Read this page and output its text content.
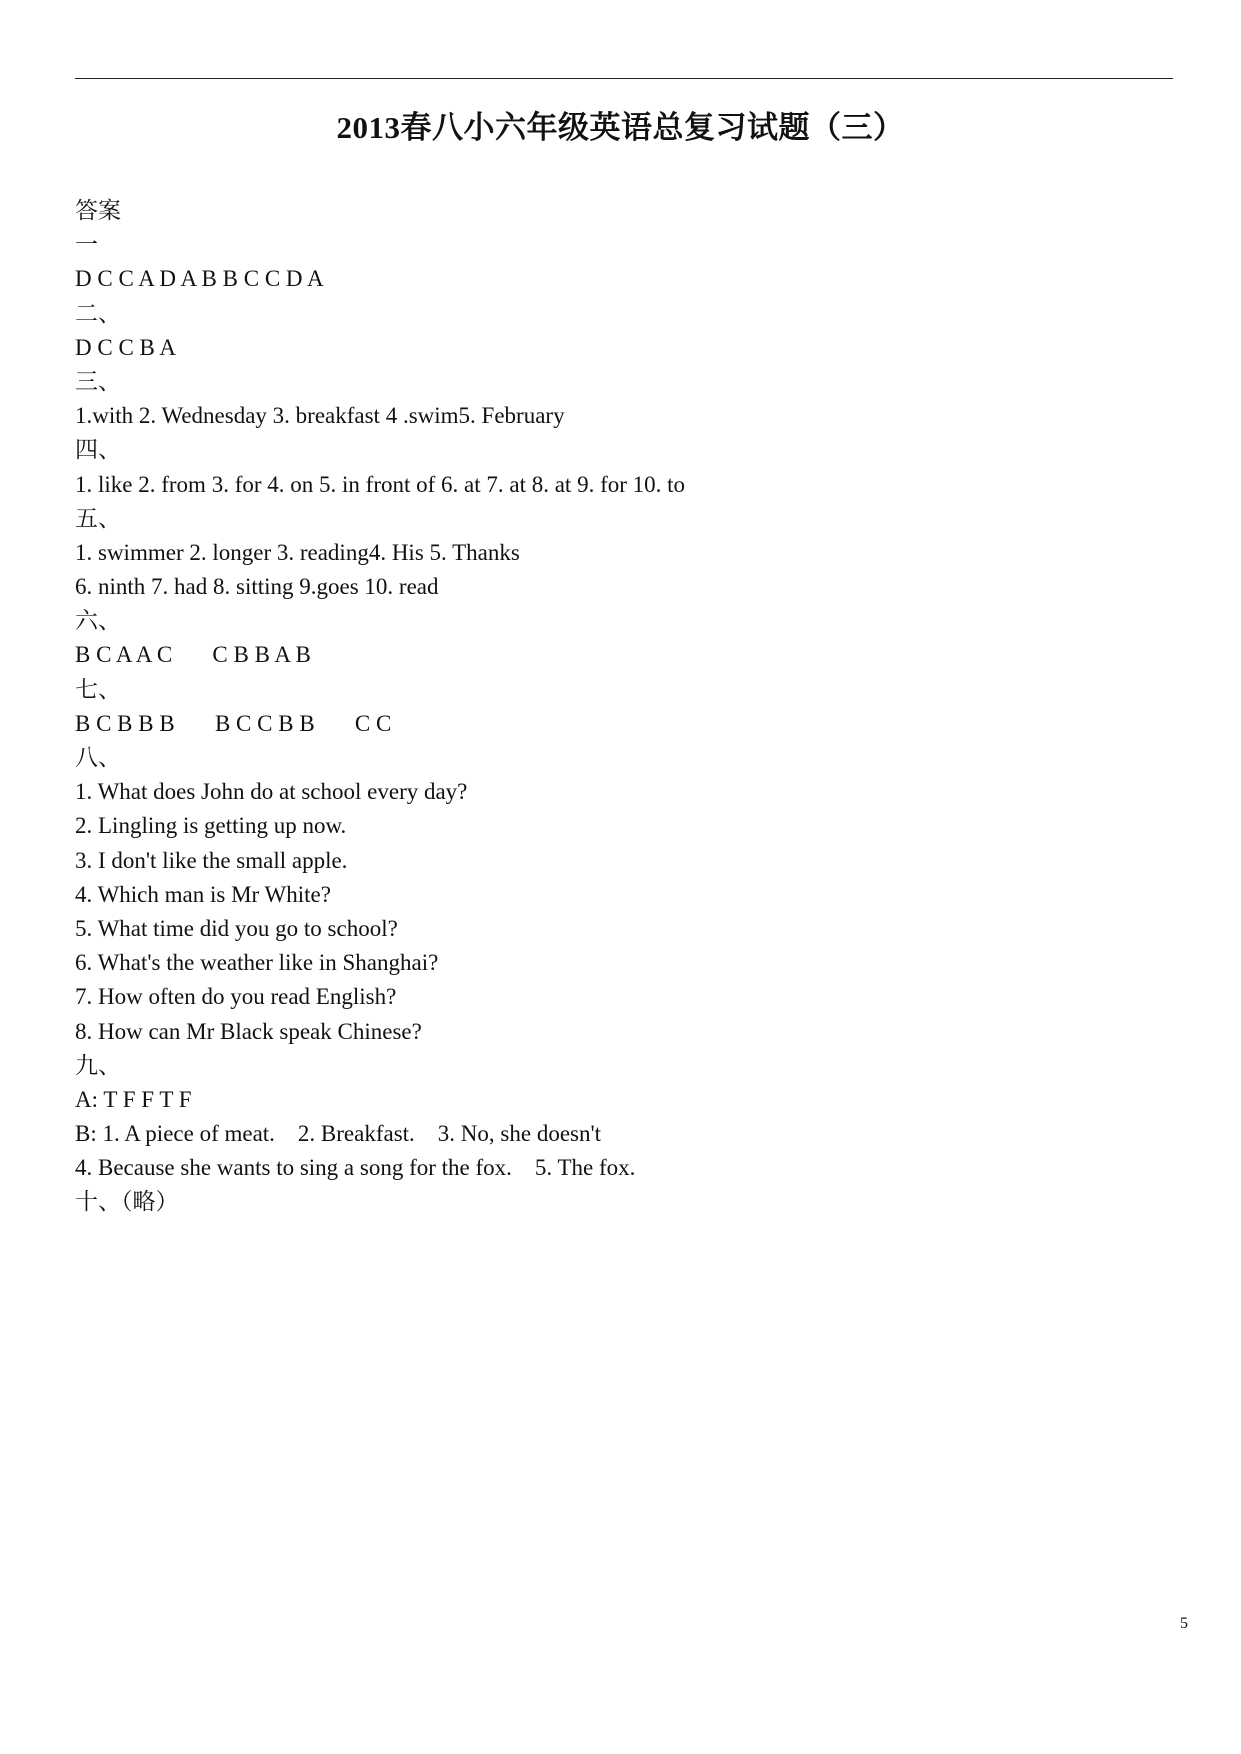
2013春八小六年级英语总复习试题（三）
答案
一
D C C A D A B B C C D A
二、
D C C B A
三、
1.with 2. Wednesday 3. breakfast 4 .swim5. February
四、
1. like 2. from 3. for 4. on 5. in front of 6. at 7. at 8. at 9. for 10. to
五、
1. swimmer 2. longer 3. reading4. His 5. Thanks
6. ninth 7. had 8. sitting 9.goes 10. read
六、
B C A A C       C B B A B
七、
B C B B B       B C C B B       C C
八、
1. What does John do at school every day?
2. Lingling is getting up now.
3. I don't like the small apple.
4. Which man is Mr White?
5. What time did you go to school?
6. What's the weather like in Shanghai?
7. How often do you read English?
8. How can Mr Black speak Chinese?
九、
A: T F F T F
B: 1. A piece of meat.    2. Breakfast.    3. No, she doesn't
4. Because she wants to sing a song for the fox.    5. The fox.
十、（略）
5
